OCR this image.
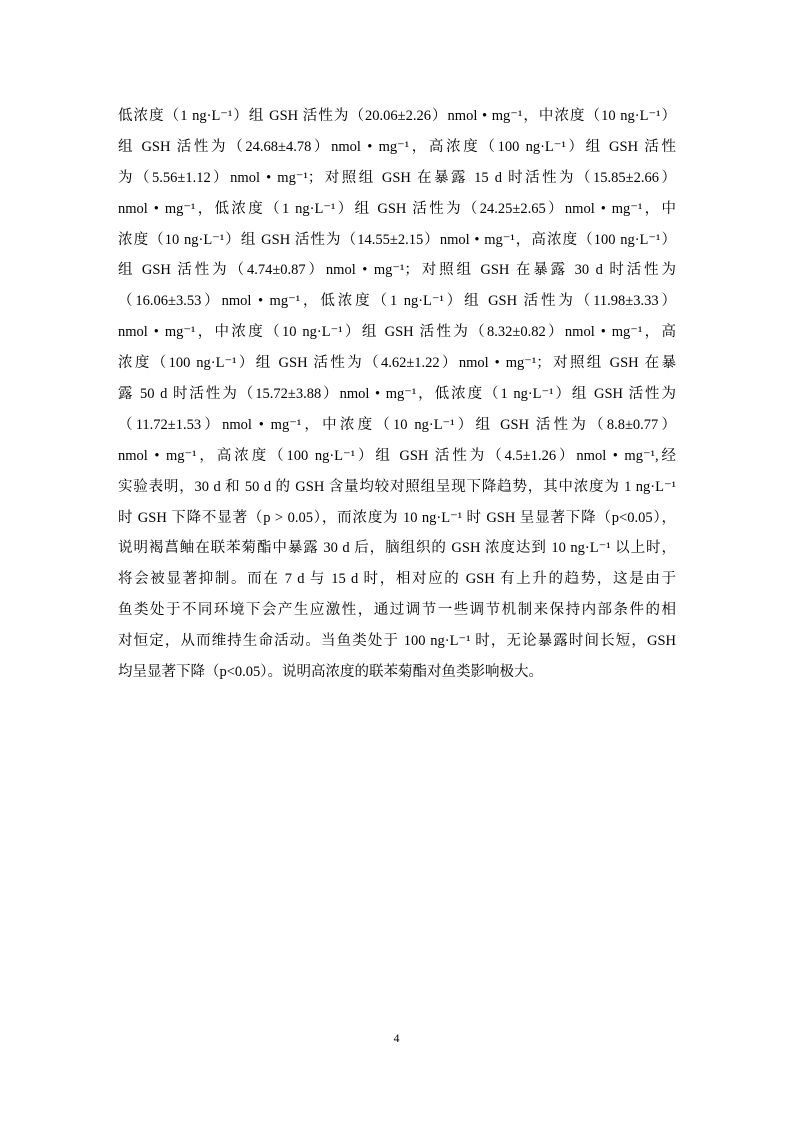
低浓度（1 ng·L⁻¹）组 GSH 活性为（20.06±2.26）nmol • mg⁻¹，中浓度（10 ng·L⁻¹）
组 GSH 活性为（24.68±4.78）nmol • mg⁻¹，高浓度（100 ng·L⁻¹）组 GSH 活性
为（5.56±1.12）nmol • mg⁻¹；对照组 GSH 在暴露 15 d 时活性为（15.85±2.66）
nmol • mg⁻¹，低浓度（1 ng·L⁻¹）组 GSH 活性为（24.25±2.65）nmol • mg⁻¹，中
浓度（10 ng·L⁻¹）组 GSH 活性为（14.55±2.15）nmol • mg⁻¹，高浓度（100 ng·L⁻¹）
组 GSH 活性为（4.74±0.87）nmol • mg⁻¹；对照组 GSH 在暴露 30 d 时活性为
（16.06±3.53）nmol • mg⁻¹，低浓度（1 ng·L⁻¹）组 GSH 活性为（11.98±3.33）
nmol • mg⁻¹，中浓度（10 ng·L⁻¹）组 GSH 活性为（8.32±0.82）nmol • mg⁻¹，高
浓度（100 ng·L⁻¹）组 GSH 活性为（4.62±1.22）nmol • mg⁻¹；对照组 GSH 在暴
露 50 d 时活性为（15.72±3.88）nmol • mg⁻¹，低浓度（1 ng·L⁻¹）组 GSH 活性为
（11.72±1.53）nmol • mg⁻¹，中浓度（10 ng·L⁻¹）组 GSH 活性为（8.8±0.77）
nmol • mg⁻¹，高浓度（100 ng·L⁻¹）组 GSH 活性为（4.5±1.26）nmol • mg⁻¹,经
实验表明，30 d 和 50 d 的 GSH 含量均较对照组呈现下降趋势，其中浓度为 1 ng·L⁻¹
时 GSH 下降不显著（p > 0.05），而浓度为 10 ng·L⁻¹ 时 GSH 呈显著下降（p<0.05），
说明褐菖鲉在联苯菊酯中暴露 30 d 后，脑组织的 GSH 浓度达到 10 ng·L⁻¹ 以上时，
将会被显著抑制。而在 7 d 与 15 d 时，相对应的 GSH 有上升的趋势，这是由于
鱼类处于不同环境下会产生应激性，通过调节一些调节机制来保持内部条件的相
对恒定，从而维持生命活动。当鱼类处于 100 ng·L⁻¹ 时，无论暴露时间长短，GSH
均呈显著下降（p<0.05）。说明高浓度的联苯菊酯对鱼类影响极大。
4
